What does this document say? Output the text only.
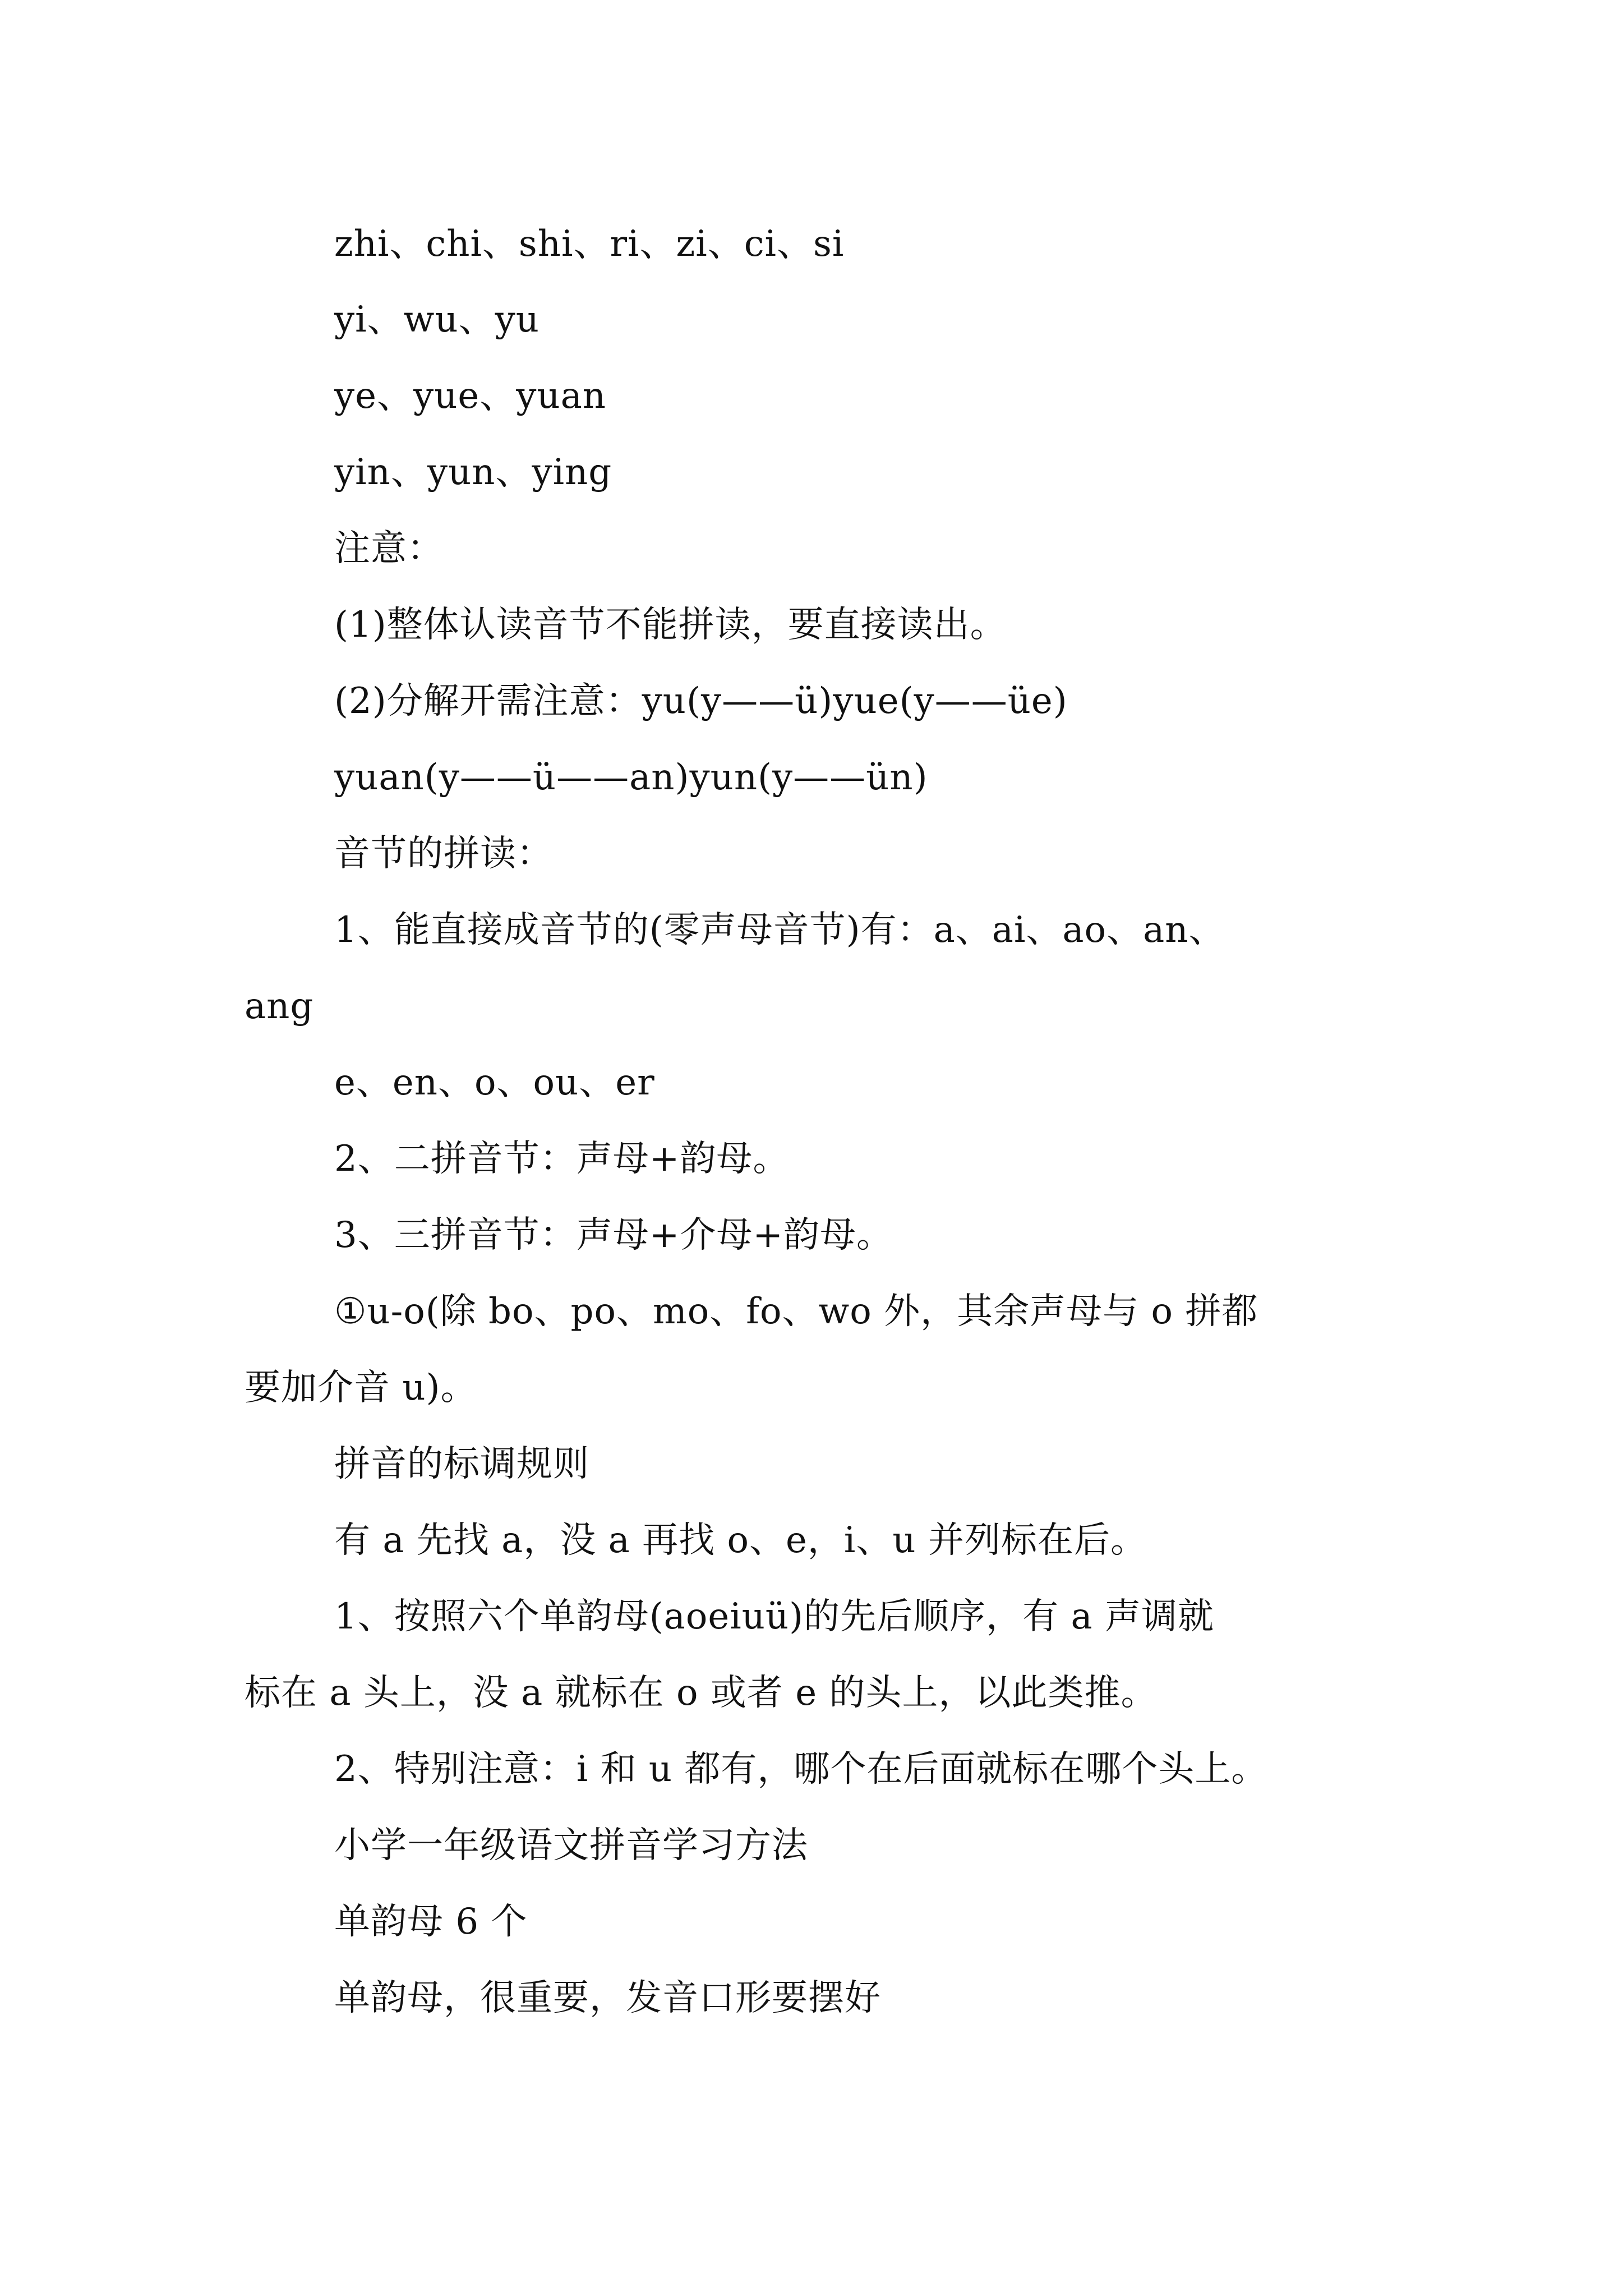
zhi、chi、shi、ri、zi、ci、si
yi、wu、yu
ye、yue、yuan
yin、yun、ying
注意：
(1)整体认读音节不能拼读，要直接读出。
(2)分解开需注意：yu(y——ü)yue(y——üe)
yuan(y——ü——an)yun(y——ün)
音节的拼读：
1、能直接成音节的(零声母音节)有：a、ai、ao、an、
ang
e、en、o、ou、er
2、二拼音节：声母+韵母。
3、三拼音节：声母+介母+韵母。
①u-o(除 bo、po、mo、fo、wo 外，其余声母与 o 拼都
要加介音 u)。
拼音的标调规则
有 a 先找 a，没 a 再找 o、e，i、u 并列标在后。
1、按照六个单韵母(aoeiuü)的先后顺序，有 a 声调就
标在 a 头上，没 a 就标在 o 或者 e 的头上，以此类推。
2、特别注意：i 和 u 都有，哪个在后面就标在哪个头上。
小学一年级语文拼音学习方法
单韵母 6 个
单韵母，很重要，发音口形要摆好
